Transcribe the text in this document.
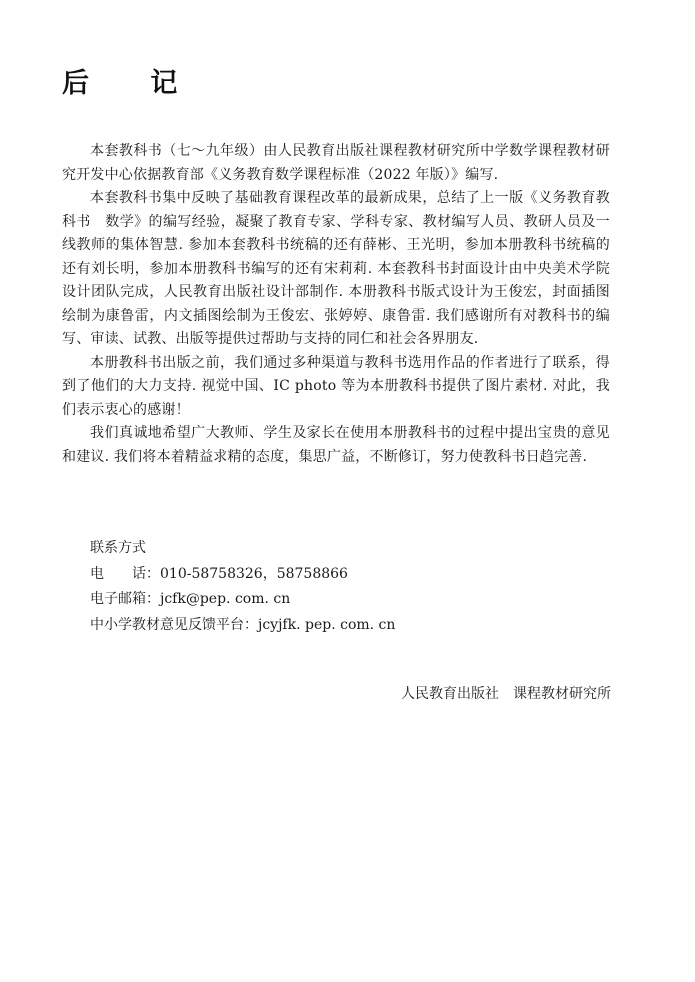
后 记

本套教科书（七～九年级）由人民教育出版社课程教材研究所中学数学课程教材研究开发中心依据教育部《义务教育数学课程标准（2022 年版）》编写.

本套教科书集中反映了基础教育课程改革的最新成果，总结了上一版《义务教育教科书　数学》的编写经验，凝聚了教育专家、学科专家、教材编写人员、教研人员及一线教师的集体智慧. 参加本套教科书统稿的还有薛彬、王光明，参加本册教科书统稿的还有刘长明，参加本册教科书编写的还有宋莉莉. 本套教科书封面设计由中央美术学院设计团队完成，人民教育出版社设计部制作. 本册教科书版式设计为王俊宏，封面插图绘制为康鲁雷，内文插图绘制为王俊宏、张婷婷、康鲁雷. 我们感谢所有对教科书的编写、审读、试教、出版等提供过帮助与支持的同仁和社会各界朋友.

本册教科书出版之前，我们通过多种渠道与教科书选用作品的作者进行了联系，得到了他们的大力支持. 视觉中国、IC photo 等为本册教科书提供了图片素材. 对此，我们表示衷心的感谢！

我们真诚地希望广大教师、学生及家长在使用本册教科书的过程中提出宝贵的意见和建议. 我们将本着精益求精的态度，集思广益，不断修订，努力使教科书日趋完善.

联系方式
电　　话：010-58758326，58758866
电子邮箱：jcfk@pep. com. cn
中小学教材意见反馈平台：jcyjfk. pep. com. cn
人民教育出版社　课程教材研究所
